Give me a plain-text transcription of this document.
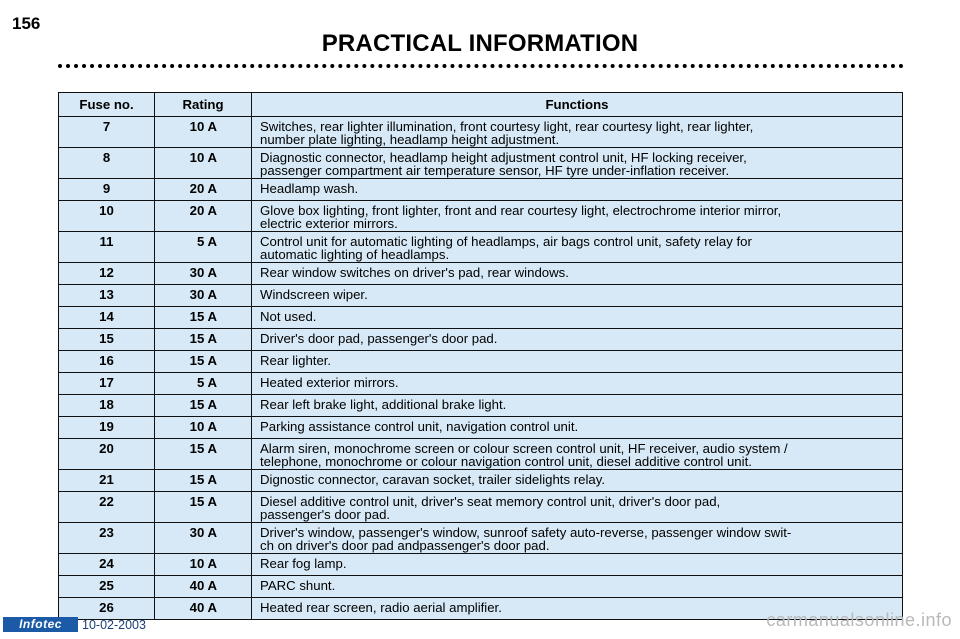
156
PRACTICAL INFORMATION
Fuse no.	Rating	Functions
7	10 A	Switches, rear lighter illumination, front courtesy light, rear courtesy light, rear lighter,
number plate lighting, headlamp height adjustment.

8	10 A	Diagnostic connector, headlamp height adjustment control unit, HF locking receiver,
passenger compartment air temperature sensor, HF tyre under-inflation receiver.

9	20 A	Headlamp wash.

10	20 A	Glove box lighting, front lighter, front and rear courtesy light, electrochrome interior mirror,
electric exterior mirrors.

11	5 A	Control unit for automatic lighting of headlamps, air bags control unit, safety relay for
automatic lighting of headlamps.

12	30 A	Rear window switches on driver's pad, rear windows.

13	30 A	Windscreen wiper.

14	15 A	Not used.

15	15 A	Driver's door pad, passenger's door pad.

16	15 A	Rear lighter.

17	5 A	Heated exterior mirrors.

18	15 A	Rear left brake light, additional brake light.

19	10 A	Parking assistance control unit, navigation control unit.

20	15 A	Alarm siren, monochrome screen or colour screen control unit, HF receiver, audio system /
telephone, monochrome or colour navigation control unit, diesel additive control unit.

21	15 A	Dignostic connector, caravan socket, trailer sidelights relay.

22	15 A	Diesel additive control unit, driver's seat memory control unit, driver's door pad,
passenger's door pad.

23	30 A	Driver's window, passenger's window, sunroof safety auto-reverse, passenger window swit-
ch on driver's door pad andpassenger's door pad.

24	10 A	Rear fog lamp.

25	40 A	PARC shunt.

26	40 A	Heated rear screen, radio aerial amplifier.
Infotec	10-02-2003	carmanualsonline.info
